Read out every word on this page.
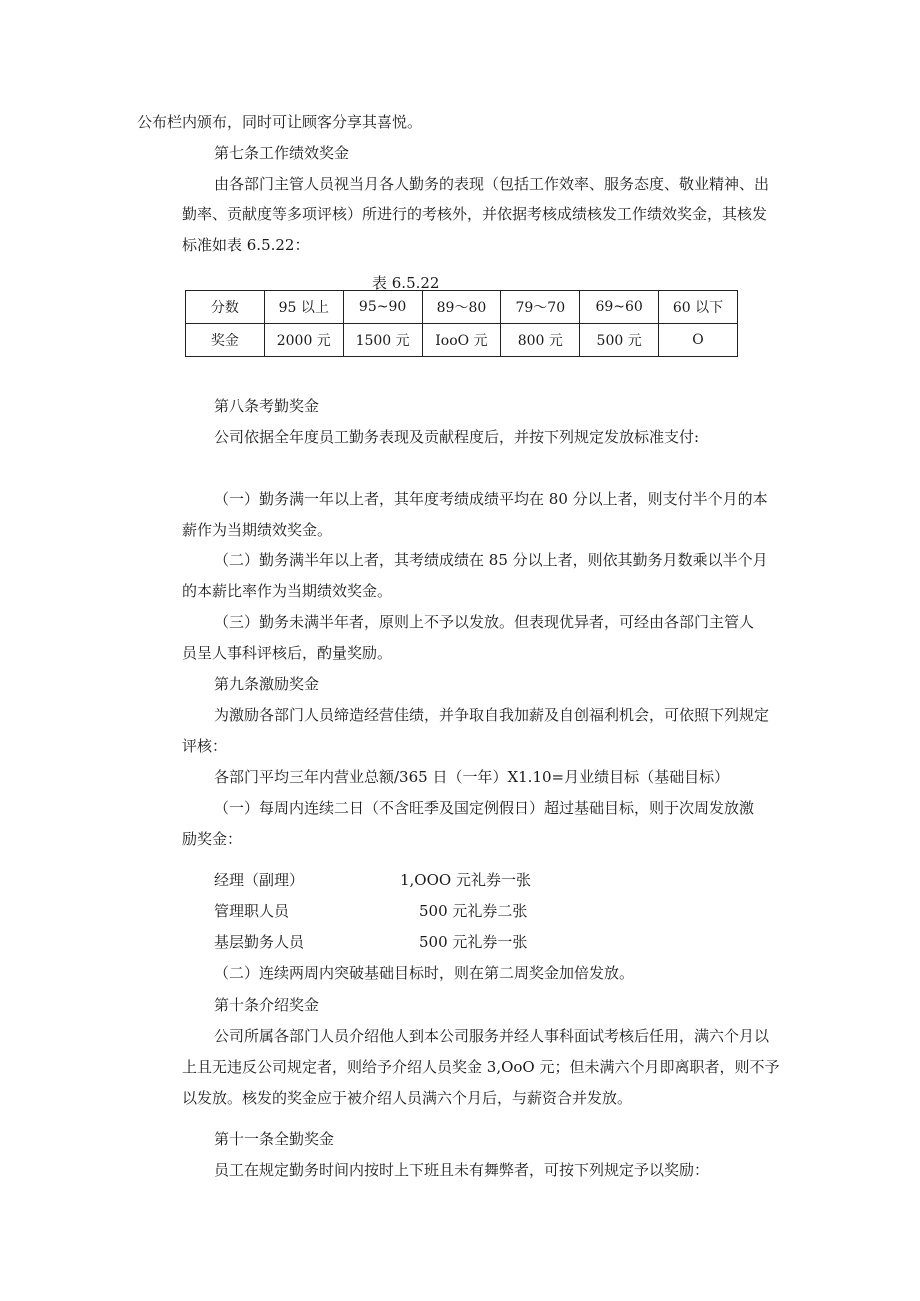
公布栏内颁布，同时可让顾客分享其喜悦。
第七条工作绩效奖金
由各部门主管人员视当月各人勤务的表现（包括工作效率、服务态度、敬业精神、出
勤率、贡献度等多项评核）所进行的考核外，并依据考核成绩核发工作绩效奖金，其核发
标准如表 6.5.22：
表 6.5.22
分数	95 以上	95~90	89～80	79～70	69~60	60 以下
奖金	2000 元	1500 元	IooO 元	800 元	500 元	O
第八条考勤奖金
公司依据全年度员工勤务表现及贡献程度后，并按下列规定发放标准支付:
（一）勤务满一年以上者，其年度考绩成绩平均在 80 分以上者，则支付半个月的本
薪作为当期绩效奖金。
（二）勤务满半年以上者，其考绩成绩在 85 分以上者，则依其勤务月数乘以半个月
的本薪比率作为当期绩效奖金。
（三）勤务未满半年者，原则上不予以发放。但表现优异者，可经由各部门主管人
员呈人事科评核后，酌量奖励。
第九条激励奖金
为激励各部门人员缔造经营佳绩，并争取自我加薪及自创福利机会，可依照下列规定
评核：
各部门平均三年内营业总额/365 日（一年）X1.10=月业绩目标（基础目标）
（一）每周内连续二日（不含旺季及国定例假日）超过基础目标，则于次周发放激
励奖金：
经理（副理）	1,OOO 元礼券一张
管理职人员	500 元礼券二张
基层勤务人员	500 元礼券一张
（二）连续两周内突破基础目标时，则在第二周奖金加倍发放。
第十条介绍奖金
公司所属各部门人员介绍他人到本公司服务并经人事科面试考核后任用，满六个月以
上且无违反公司规定者，则给予介绍人员奖金 3,OoO 元；但未满六个月即离职者，则不予
以发放。核发的奖金应于被介绍人员满六个月后，与薪资合并发放。
第十一条全勤奖金
员工在规定勤务时间内按时上下班且未有舞弊者，可按下列规定予以奖励：
